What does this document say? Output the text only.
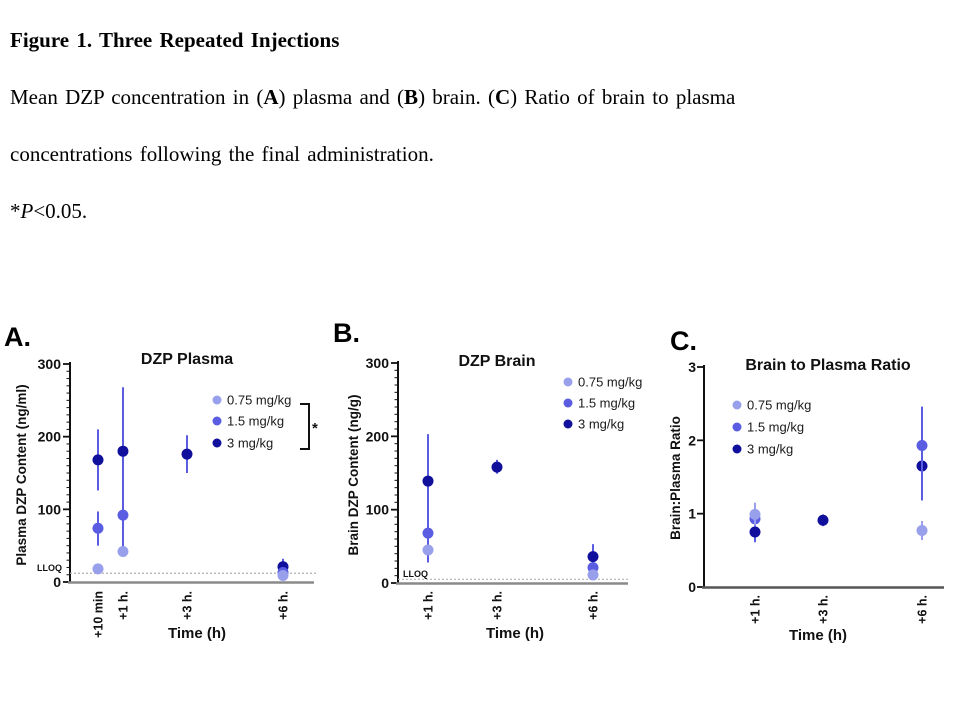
Figure 1. Three Repeated Injections

Mean DZP concentration in (A) plasma and (B) brain. (C) Ratio of brain to plasma

concentrations following the final administration.

*P<0.05.

A.
DZP Plasma
Plasma DZP Content (ng/ml)
0
100
200
300
LLOQ
+10 min +1 h.	+3 h.	+6 h.
Time (h)
0.75 mg/kg
1.5 mg/kg
3 mg/kg
*
B.
DZP Brain
Brain DZP Content (ng/g)
0
100
200
300
LLOQ
+1 h.	+3 h.	+6 h.
Time (h)
0.75 mg/kg
1.5 mg/kg
3 mg/kg
C.
Brain to Plasma Ratio
Brain:Plasma Ratio
0
1
2
3
+1 h.	+3 h.	+6 h.
Time (h)
0.75 mg/kg
1.5 mg/kg
3 mg/kg
